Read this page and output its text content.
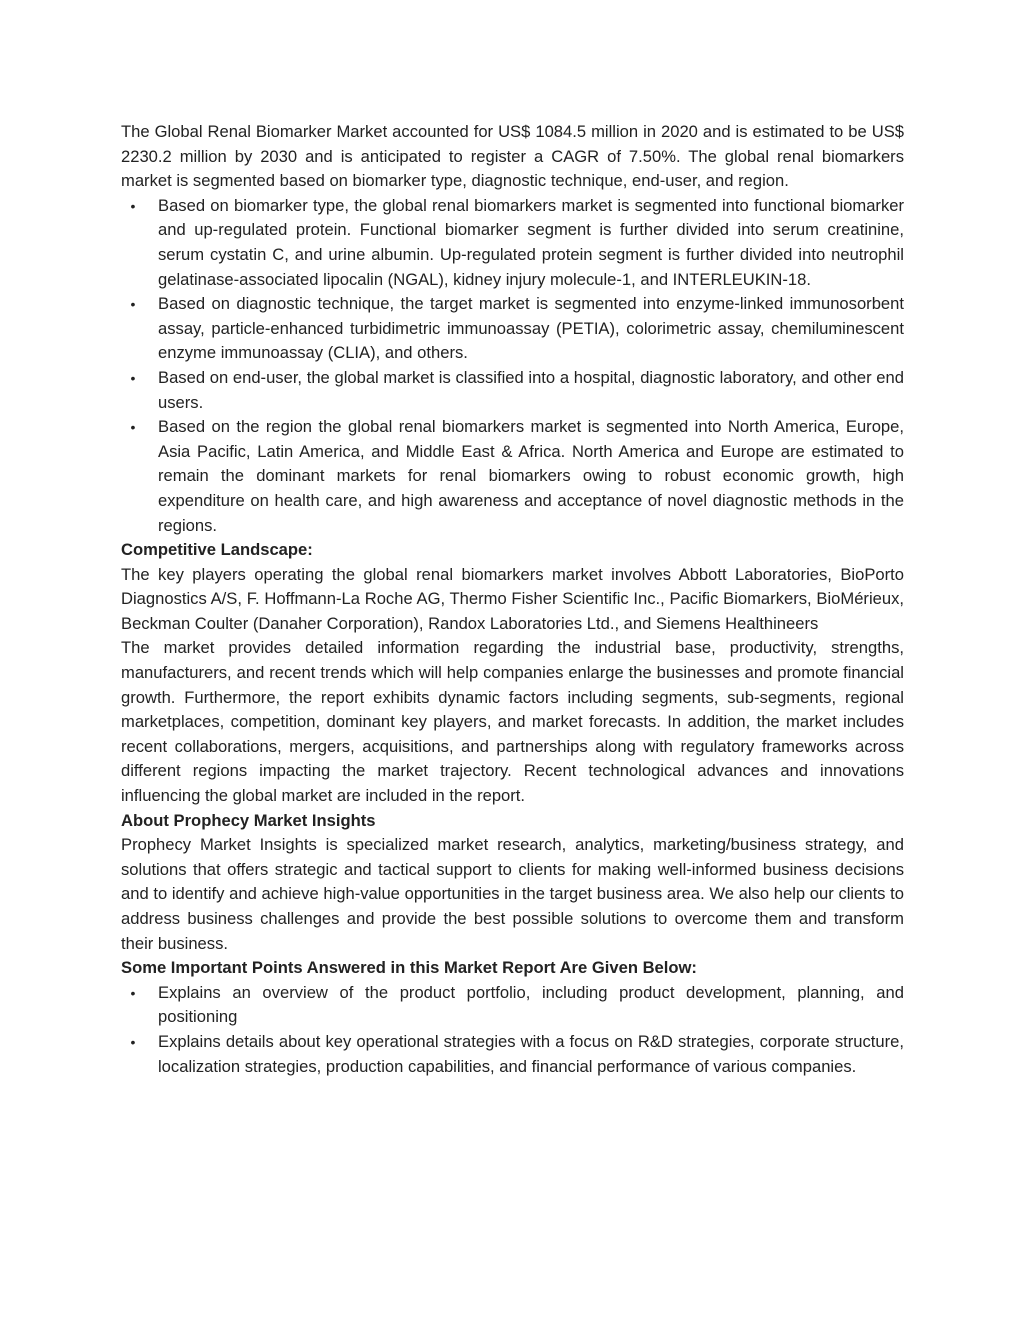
The Global Renal Biomarker Market accounted for US$ 1084.5 million in 2020 and is estimated to be US$ 2230.2 million by 2030 and is anticipated to register a CAGR of 7.50%. The global renal biomarkers market is segmented based on biomarker type, diagnostic technique, end-user, and region.

• Based on biomarker type, the global renal biomarkers market is segmented into functional biomarker and up-regulated protein. Functional biomarker segment is further divided into serum creatinine, serum cystatin C, and urine albumin. Up-regulated protein segment is further divided into neutrophil gelatinase-associated lipocalin (NGAL), kidney injury molecule-1, and INTERLEUKIN-18.
• Based on diagnostic technique, the target market is segmented into enzyme-linked immunosorbent assay, particle-enhanced turbidimetric immunoassay (PETIA), colorimetric assay, chemiluminescent enzyme immunoassay (CLIA), and others.
• Based on end-user, the global market is classified into a hospital, diagnostic laboratory, and other end users.
• Based on the region the global renal biomarkers market is segmented into North America, Europe, Asia Pacific, Latin America, and Middle East & Africa. North America and Europe are estimated to remain the dominant markets for renal biomarkers owing to robust economic growth, high expenditure on health care, and high awareness and acceptance of novel diagnostic methods in the regions.

Competitive Landscape:

The key players operating the global renal biomarkers market involves Abbott Laboratories, BioPorto Diagnostics A/S, F. Hoffmann-La Roche AG, Thermo Fisher Scientific Inc., Pacific Biomarkers, BioMérieux, Beckman Coulter (Danaher Corporation), Randox Laboratories Ltd., and Siemens Healthineers

The market provides detailed information regarding the industrial base, productivity, strengths, manufacturers, and recent trends which will help companies enlarge the businesses and promote financial growth. Furthermore, the report exhibits dynamic factors including segments, sub-segments, regional marketplaces, competition, dominant key players, and market forecasts. In addition, the market includes recent collaborations, mergers, acquisitions, and partnerships along with regulatory frameworks across different regions impacting the market trajectory. Recent technological advances and innovations influencing the global market are included in the report.

About Prophecy Market Insights

Prophecy Market Insights is specialized market research, analytics, marketing/business strategy, and solutions that offers strategic and tactical support to clients for making well-informed business decisions and to identify and achieve high-value opportunities in the target business area. We also help our clients to address business challenges and provide the best possible solutions to overcome them and transform their business.

Some Important Points Answered in this Market Report Are Given Below:

• Explains an overview of the product portfolio, including product development, planning, and positioning
• Explains details about key operational strategies with a focus on R&D strategies, corporate structure, localization strategies, production capabilities, and financial performance of various companies.
